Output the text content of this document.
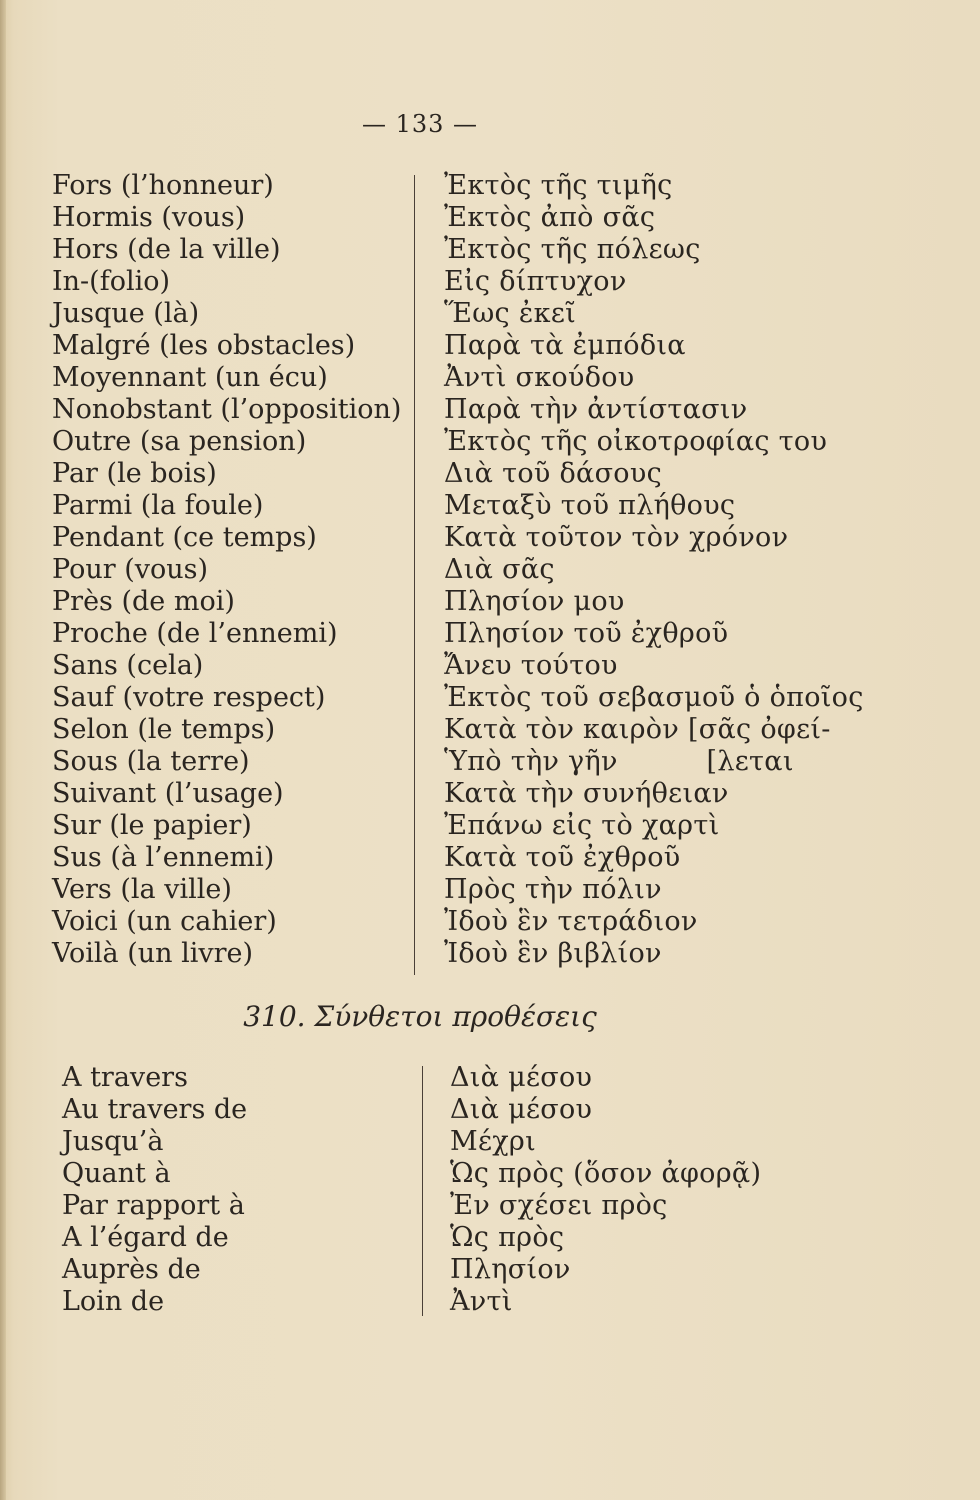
— 133 —
Fors (l’honneur)
Hormis (vous)
Hors (de la ville)
In-(folio)
Jusque (là)
Malgré (les obstacles)
Moyennant (un écu)
Nonobstant (l’opposition)
Outre (sa pension)
Par (le bois)
Parmi (la foule)
Pendant (ce temps)
Pour (vous)
Près (de moi)
Proche (de l’ennemi)
Sans (cela)
Sauf (votre respect)
Selon (le temps)
Sous (la terre)
Suivant (l’usage)
Sur (le papier)
Sus (à l’ennemi)
Vers (la ville)
Voici (un cahier)
Voilà (un livre)
Ἐκτὸς τῆς τιμῆς
Ἐκτὸς ἀπὸ σᾶς
Ἐκτὸς τῆς πόλεως
Εἰς δίπτυχον
Ἕως ἐκεῖ
Παρὰ τὰ ἐμπόδια
Ἀντὶ σκούδου
Παρὰ τὴν ἀντίστασιν
Ἐκτὸς τῆς οἰκοτροφίας του
Διὰ τοῦ δάσους
Μεταξὺ τοῦ πλήθους
Κατὰ τοῦτον τὸν χρόνον
Διὰ σᾶς
Πλησίον μου
Πλησίον τοῦ ἐχθροῦ
Ἄνευ τούτου
Ἐκτὸς τοῦ σεβασμοῦ ὁ ὁποῖος
Κατὰ τὸν καιρὸν [σᾶς ὀφεί-
Ὑπὸ τὴν γῆν          [λεται
Κατὰ τὴν συνήθειαν
Ἐπάνω εἰς τὸ χαρτὶ
Κατὰ τοῦ ἐχθροῦ
Πρὸς τὴν πόλιν
Ἰδοὺ ἓν τετράδιον
Ἰδοὺ ἓν βιβλίον
310. Σύνθετοι προθέσεις
A travers
Au travers de
Jusqu’à
Quant à
Par rapport à
A l’égard de
Auprès de
Loin de
Διὰ μέσου
Διὰ μέσου
Μέχρι
Ὡς πρὸς (ὅσον ἀφορᾷ)
Ἐν σχέσει πρὸς
Ὡς πρὸς
Πλησίον
Ἀντὶ
